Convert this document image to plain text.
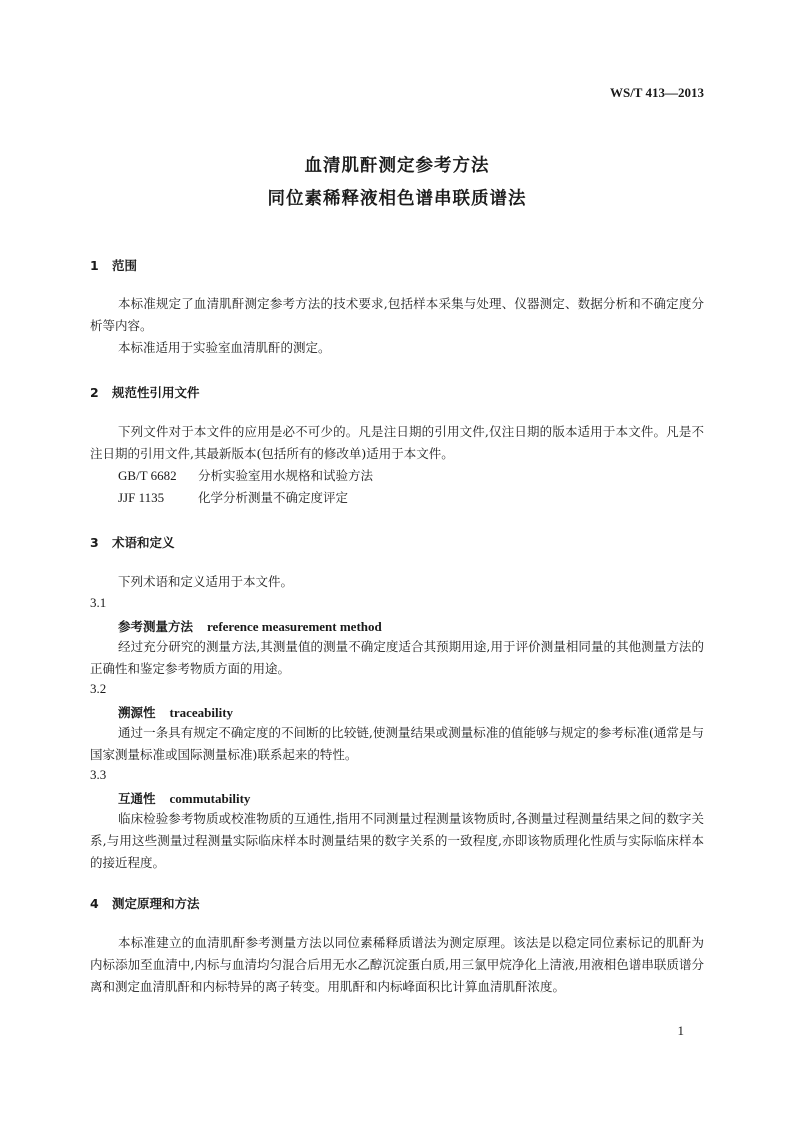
WS/T 413—2013
血清肌酐测定参考方法
同位素稀释液相色谱串联质谱法
1 范围

本标准规定了血清肌酐测定参考方法的技术要求,包括样本采集与处理、仪器测定、数据分析和不确定度分析等内容。

本标准适用于实验室血清肌酐的测定。

2 规范性引用文件

下列文件对于本文件的应用是必不可少的。凡是注日期的引用文件,仅注日期的版本适用于本文件。凡是不注日期的引用文件,其最新版本(包括所有的修改单)适用于本文件。

GB/T 6682 分析实验室用水规格和试验方法
JJF 1135	化学分析测量不确定度评定
3 术语和定义

下列术语和定义适用于本文件。

3.1
参考测量方法 reference measurement method

经过充分研究的测量方法,其测量值的测量不确定度适合其预期用途,用于评价测量相同量的其他测量方法的正确性和鉴定参考物质方面的用途。

3.2
溯源性 traceability

通过一条具有规定不确定度的不间断的比较链,使测量结果或测量标准的值能够与规定的参考标准(通常是与国家测量标准或国际测量标准)联系起来的特性。

3.3
互通性 commutability

临床检验参考物质或校准物质的互通性,指用不同测量过程测量该物质时,各测量过程测量结果之间的数字关系,与用这些测量过程测量实际临床样本时测量结果的数字关系的一致程度,亦即该物质理化性质与实际临床样本的接近程度。

4 测定原理和方法

本标准建立的血清肌酐参考测量方法以同位素稀释质谱法为测定原理。该法是以稳定同位素标记的肌酐为内标添加至血清中,内标与血清均匀混合后用无水乙醇沉淀蛋白质,用三氯甲烷净化上清液,用液相色谱串联质谱分离和测定血清肌酐和内标特异的离子转变。用肌酐和内标峰面积比计算血清肌酐浓度。

1
